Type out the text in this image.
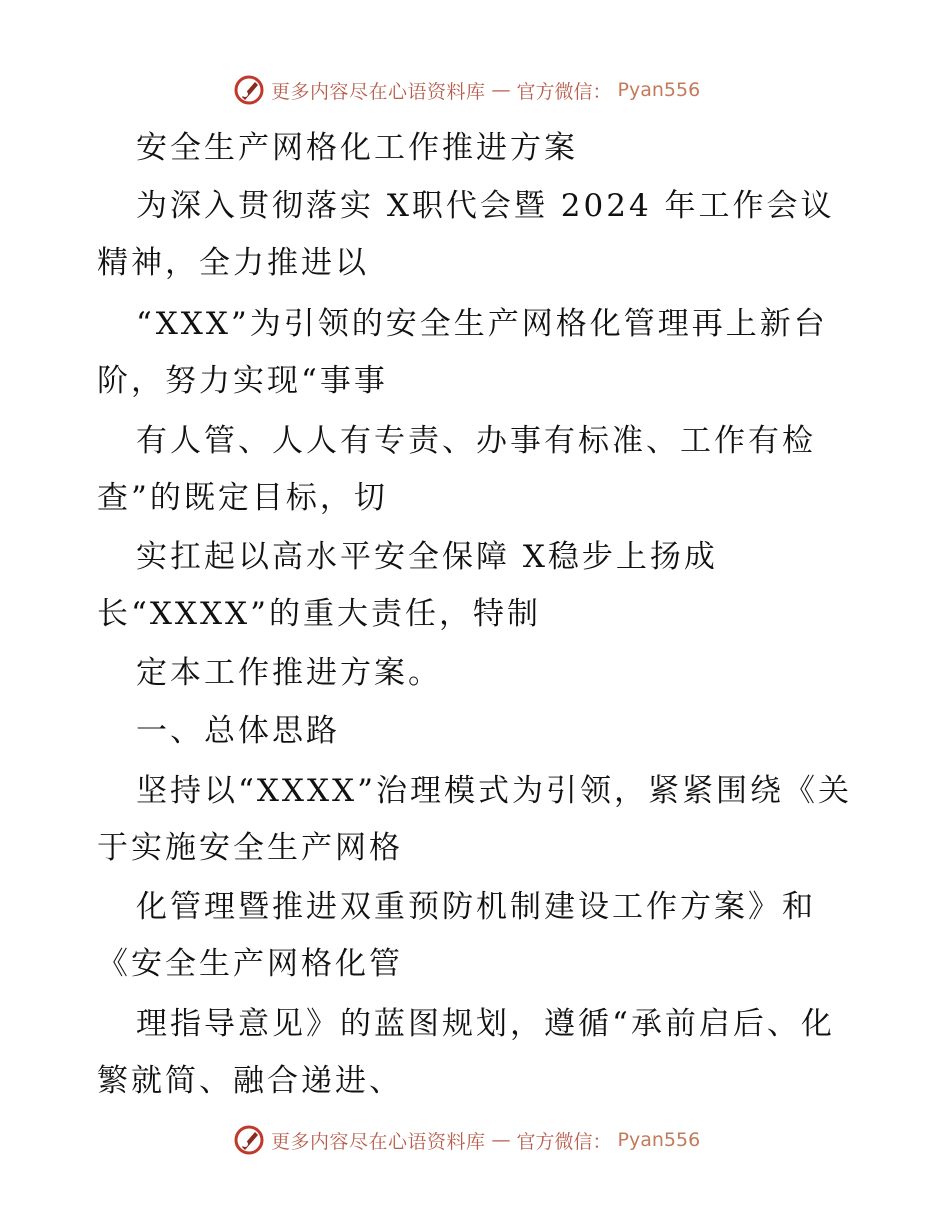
更多内容尽在心语资料库 — 官方微信： Pyan556
安全生产网格化工作推进方案
为深入贯彻落实 X职代会暨 2024 年工作会议
精神，全力推进以
“XXX”为引领的安全生产网格化管理再上新台
阶，努力实现“事事
有人管、人人有专责、办事有标准、工作有检
查”的既定目标，切
实扛起以高水平安全保障 X稳步上扬成
长“XXXX”的重大责任，特制
定本工作推进方案。
一、总体思路
坚持以“XXXX”治理模式为引领，紧紧围绕《关
于实施安全生产网格
化管理暨推进双重预防机制建设工作方案》和
《安全生产网格化管
理指导意见》的蓝图规划，遵循“承前启后、化
繁就简、融合递进、
更多内容尽在心语资料库 — 官方微信： Pyan556
